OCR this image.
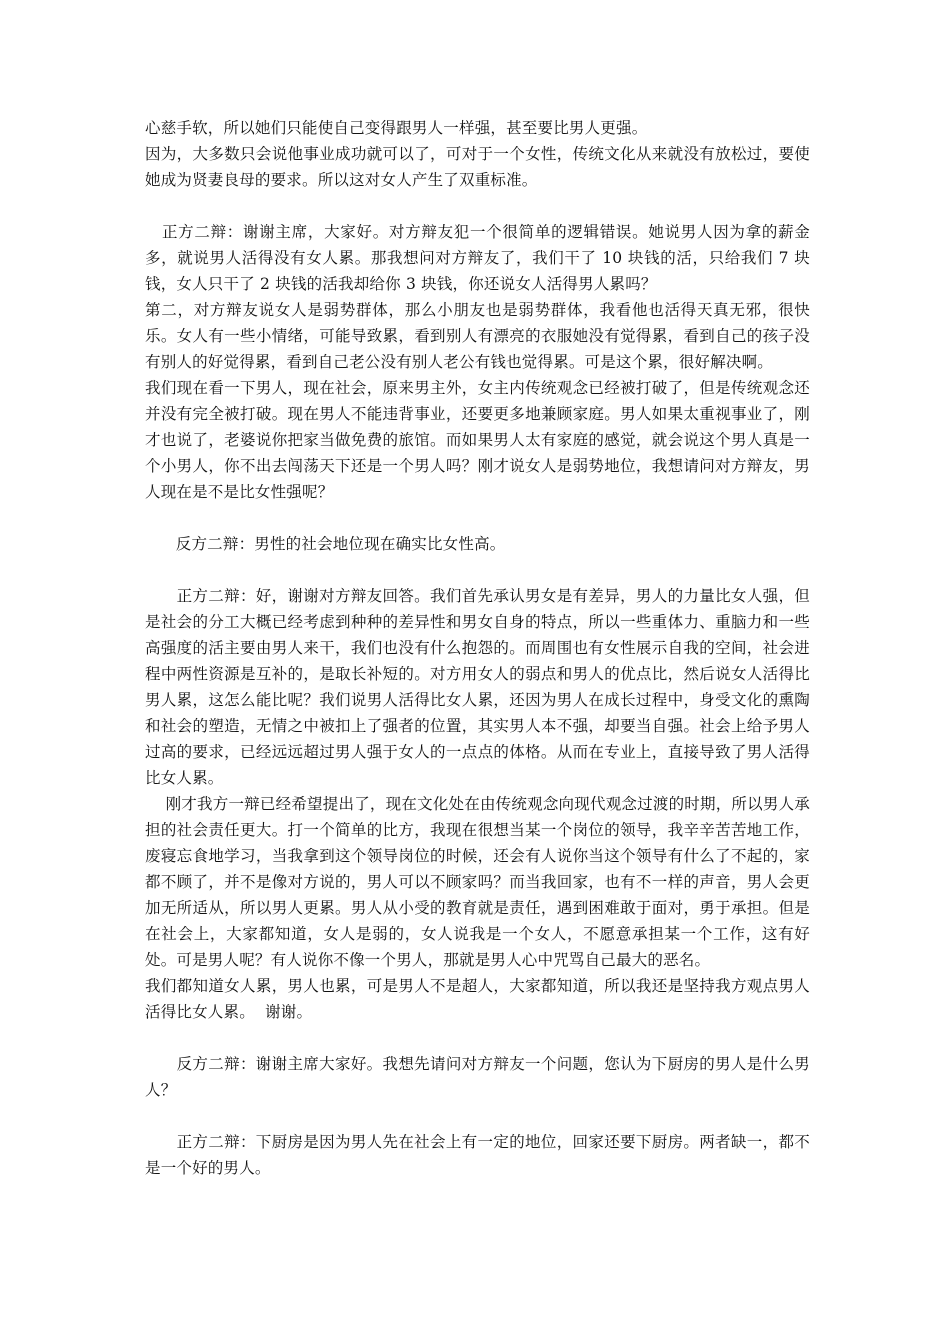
心慈手软，所以她们只能使自己变得跟男人一样强，甚至要比男人更强。

因为，大多数只会说他事业成功就可以了，可对于一个女性，传统文化从来就没有放松过，要使她成为贤妻良母的要求。所以这对女人产生了双重标准。

正方二辩：谢谢主席，大家好。对方辩友犯一个很简单的逻辑错误。她说男人因为拿的薪金多，就说男人活得没有女人累。那我想问对方辩友了，我们干了 10 块钱的活，只给我们 7 块钱，女人只干了 2 块钱的活我却给你 3 块钱，你还说女人活得男人累吗？

第二，对方辩友说女人是弱势群体，那么小朋友也是弱势群体，我看他也活得天真无邪，很快乐。女人有一些小情绪，可能导致累，看到别人有漂亮的衣服她没有觉得累，看到自己的孩子没有别人的好觉得累，看到自己老公没有别人老公有钱也觉得累。可是这个累，很好解决啊。

我们现在看一下男人，现在社会，原来男主外，女主内传统观念已经被打破了，但是传统观念还并没有完全被打破。现在男人不能违背事业，还要更多地兼顾家庭。男人如果太重视事业了，刚才也说了，老婆说你把家当做免费的旅馆。而如果男人太有家庭的感觉，就会说这个男人真是一个小男人，你不出去闯荡天下还是一个男人吗？刚才说女人是弱势地位，我想请问对方辩友，男人现在是不是比女性强呢？

反方二辩：男性的社会地位现在确实比女性高。

正方二辩：好，谢谢对方辩友回答。我们首先承认男女是有差异，男人的力量比女人强，但是社会的分工大概已经考虑到种种的差异性和男女自身的特点，所以一些重体力、重脑力和一些高强度的活主要由男人来干，我们也没有什么抱怨的。而周围也有女性展示自我的空间，社会进程中两性资源是互补的，是取长补短的。对方用女人的弱点和男人的优点比，然后说女人活得比男人累，这怎么能比呢？我们说男人活得比女人累，还因为男人在成长过程中，身受文化的熏陶和社会的塑造，无情之中被扣上了强者的位置，其实男人本不强，却要当自强。社会上给予男人过高的要求，已经远远超过男人强于女人的一点点的体格。从而在专业上，直接导致了男人活得比女人累。

刚才我方一辩已经希望提出了，现在文化处在由传统观念向现代观念过渡的时期，所以男人承担的社会责任更大。打一个简单的比方，我现在很想当某一个岗位的领导，我辛辛苦苦地工作，废寝忘食地学习，当我拿到这个领导岗位的时候，还会有人说你当这个领导有什么了不起的，家都不顾了，并不是像对方说的，男人可以不顾家吗？而当我回家，也有不一样的声音，男人会更加无所适从，所以男人更累。男人从小受的教育就是责任，遇到困难敢于面对，勇于承担。但是在社会上，大家都知道，女人是弱的，女人说我是一个女人，不愿意承担某一个工作，这有好处。可是男人呢？有人说你不像一个男人，那就是男人心中咒骂自己最大的恶名。

我们都知道女人累，男人也累，可是男人不是超人，大家都知道，所以我还是坚持我方观点男人活得比女人累。  谢谢。

反方二辩：谢谢主席大家好。我想先请问对方辩友一个问题，您认为下厨房的男人是什么男人？

正方二辩：下厨房是因为男人先在社会上有一定的地位，回家还要下厨房。两者缺一，都不是一个好的男人。
